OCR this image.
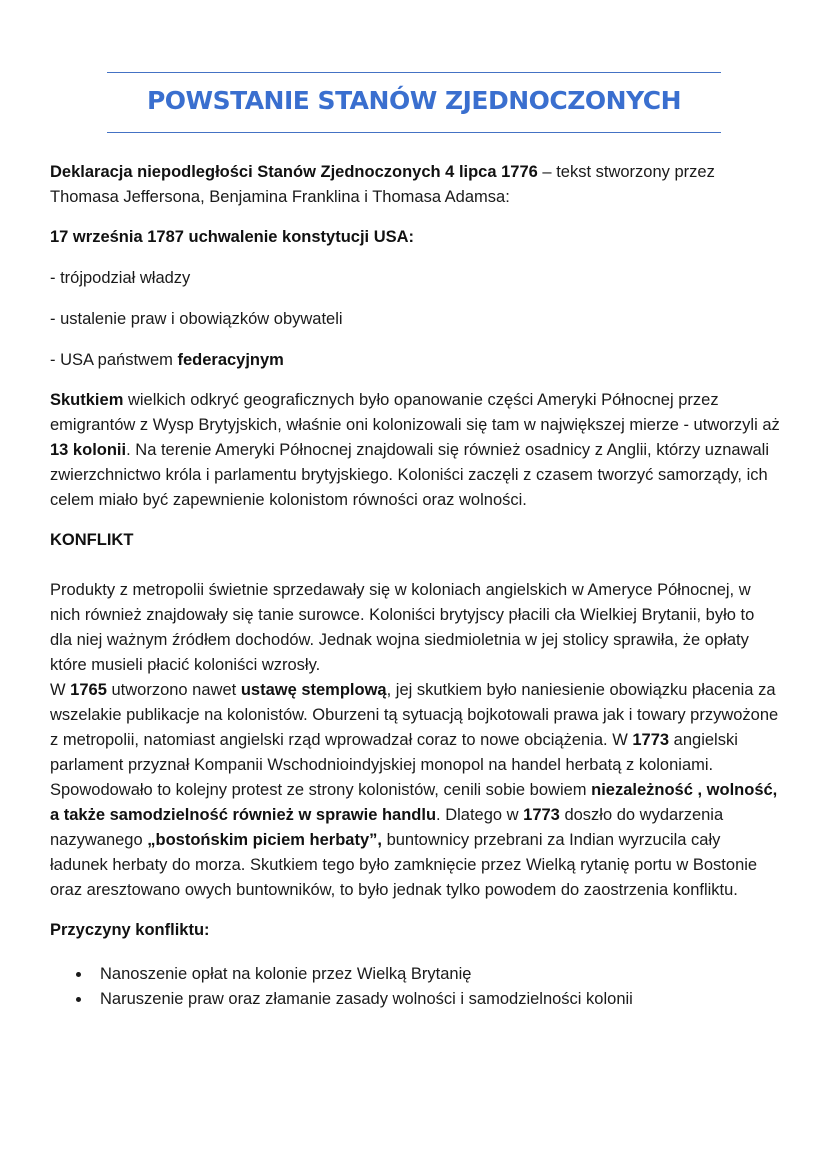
POWSTANIE STANÓW ZJEDNOCZONYCH

Deklaracja niepodległości Stanów Zjednoczonych 4 lipca 1776 – tekst stworzony przez Thomasa Jeffersona, Benjamina Franklina i Thomasa Adamsa:

17 września 1787 uchwalenie konstytucji USA:

- trójpodział władzy

- ustalenie praw i obowiązków obywateli

- USA państwem federacyjnym

Skutkiem wielkich odkryć geograficznych było opanowanie części Ameryki Północnej przez emigrantów z Wysp Brytyjskich, właśnie oni kolonizowali się tam w największej mierze - utworzyli aż 13 kolonii. Na terenie Ameryki Północnej znajdowali się również osadnicy z Anglii, którzy uznawali zwierzchnictwo króla i parlamentu brytyjskiego. Koloniści zaczęli z czasem tworzyć samorządy, ich celem miało być zapewnienie kolonistom równości oraz wolności.

KONFLIKT

Produkty z metropolii świetnie sprzedawały się w koloniach angielskich w Ameryce Północnej, w nich również znajdowały się tanie surowce. Koloniści brytyjscy płacili cła Wielkiej Brytanii, było to dla niej ważnym źródłem dochodów. Jednak wojna siedmioletnia w jej stolicy sprawiła, że opłaty które musieli płacić koloniści wzrosły.

W 1765 utworzono nawet ustawę stemplową, jej skutkiem było naniesienie obowiązku płacenia za wszelakie publikacje na kolonistów. Oburzeni tą sytuacją bojkotowali prawa jak i towary przywożone z metropolii, natomiast angielski rząd wprowadzał coraz to nowe obciążenia. W 1773 angielski parlament przyznał Kompanii Wschodnioindyjskiej monopol na handel herbatą z koloniami. Spowodowało to kolejny protest ze strony kolonistów, cenili sobie bowiem niezależność , wolność, a także samodzielność również w sprawie handlu. Dlatego w 1773 doszło do wydarzenia nazywanego „bostońskim piciem herbaty”, buntownicy przebrani za Indian wyrzucila cały ładunek herbaty do morza. Skutkiem tego było zamknięcie przez Wielką rytanię portu w Bostonie oraz aresztowano owych buntowników, to było jednak tylko powodem do zaostrzenia konfliktu.

Przyczyny konfliktu:

Nanoszenie opłat na kolonie przez Wielką Brytanię
Naruszenie praw oraz złamanie zasady wolności i samodzielności kolonii
